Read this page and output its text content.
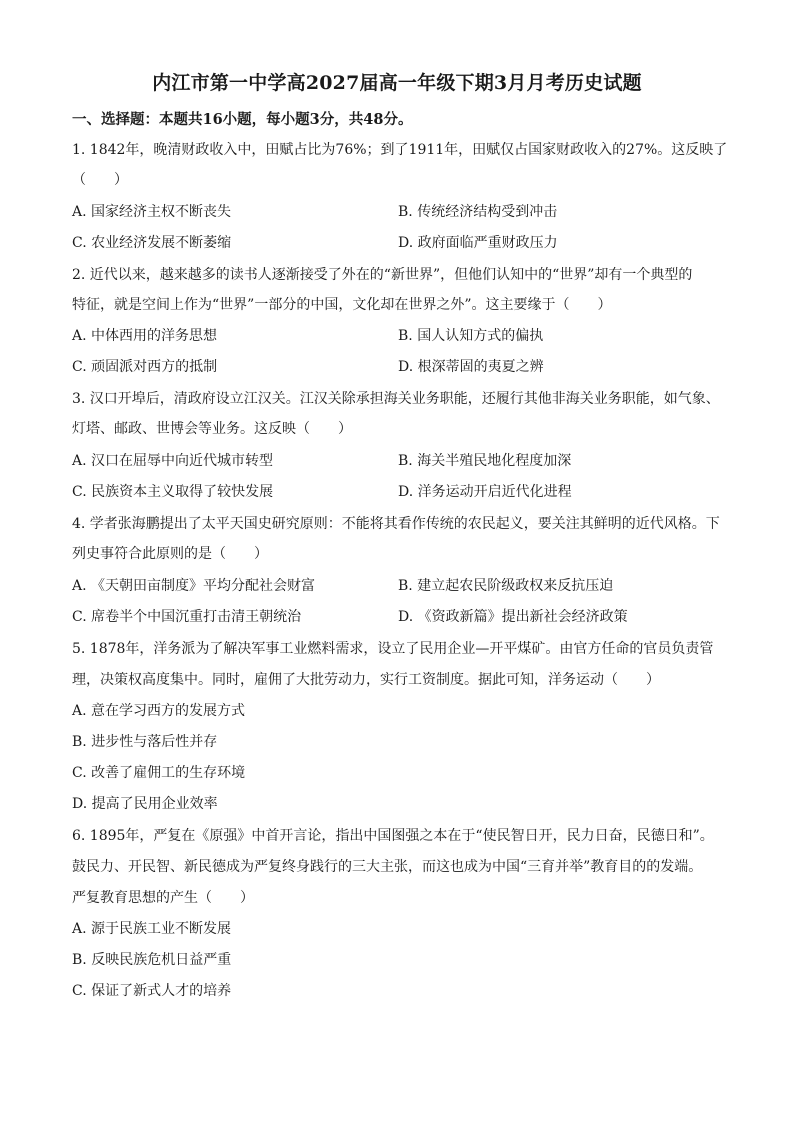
内江市第一中学高2027届高一年级下期3月月考历史试题
一、选择题：本题共16小题，每小题3分，共48分。
1. 1842年，晚清财政收入中，田赋占比为76%；到了1911年，田赋仅占国家财政收入的27%。这反映了
（　　）
A. 国家经济主权不断丧失	B. 传统经济结构受到冲击
C. 农业经济发展不断萎缩	D. 政府面临严重财政压力
2. 近代以来，越来越多的读书人逐渐接受了外在的“新世界”，但他们认知中的“世界”却有一个典型的
特征，就是空间上作为“世界”一部分的中国，文化却在世界之外”。这主要缘于（　　）
A. 中体西用的洋务思想	B. 国人认知方式的偏执
C. 顽固派对西方的抵制	D. 根深蒂固的夷夏之辨
3. 汉口开埠后，清政府设立江汉关。江汉关除承担海关业务职能，还履行其他非海关业务职能，如气象、
灯塔、邮政、世博会等业务。这反映（　　）
A. 汉口在屈辱中向近代城市转型	B. 海关半殖民地化程度加深
C. 民族资本主义取得了较快发展	D. 洋务运动开启近代化进程
4. 学者张海鹏提出了太平天国史研究原则：不能将其看作传统的农民起义，要关注其鲜明的近代风格。下
列史事符合此原则的是（　　）
A. 《天朝田亩制度》平均分配社会财富	B. 建立起农民阶级政权来反抗压迫
C. 席卷半个中国沉重打击清王朝统治	D. 《资政新篇》提出新社会经济政策
5. 1878年，洋务派为了解决军事工业燃料需求，设立了民用企业—开平煤矿。由官方任命的官员负责管
理，决策权高度集中。同时，雇佣了大批劳动力，实行工资制度。据此可知，洋务运动（　　）
A. 意在学习西方的发展方式
B. 进步性与落后性并存
C. 改善了雇佣工的生存环境
D. 提高了民用企业效率
6. 1895年，严复在《原强》中首开言论，指出中国图强之本在于“使民智日开，民力日奋，民德日和”。
鼓民力、开民智、新民德成为严复终身践行的三大主张，而这也成为中国“三育并举”教育目的的发端。
严复教育思想的产生（　　）
A. 源于民族工业不断发展
B. 反映民族危机日益严重
C. 保证了新式人才的培养
